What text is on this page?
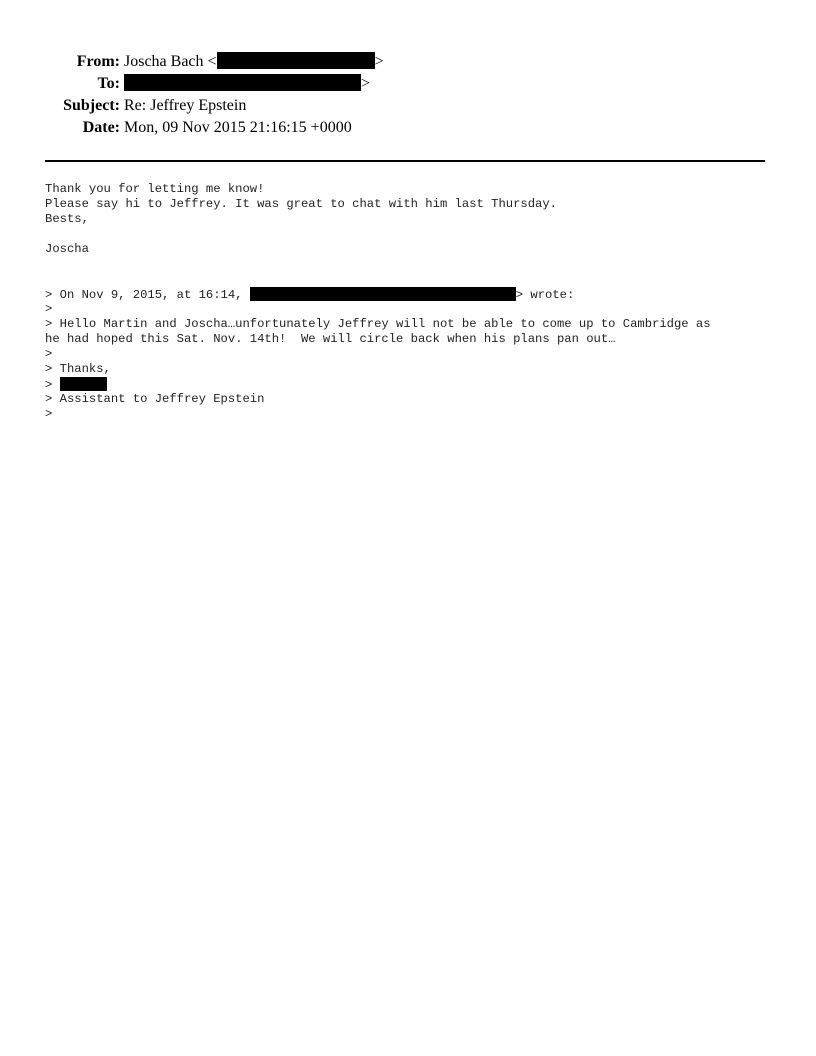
From: Joscha Bach <	>
To:	>
Subject: Re: Jeffrey Epstein
Date: Mon, 09 Nov 2015 21:16:15 +0000
Thank you for letting me know!
Please say hi to Jeffrey. It was great to chat with him last Thursday.
Bests,
Joscha
> On Nov 9, 2015, at 16:14,	> wrote:
>
> Hello Martin and Joscha…unfortunately Jeffrey will not be able to come up to Cambridge as
he had hoped this Sat. Nov. 14th!  We will circle back when his plans pan out…
>
> Thanks,
>
> Assistant to Jeffrey Epstein
>
